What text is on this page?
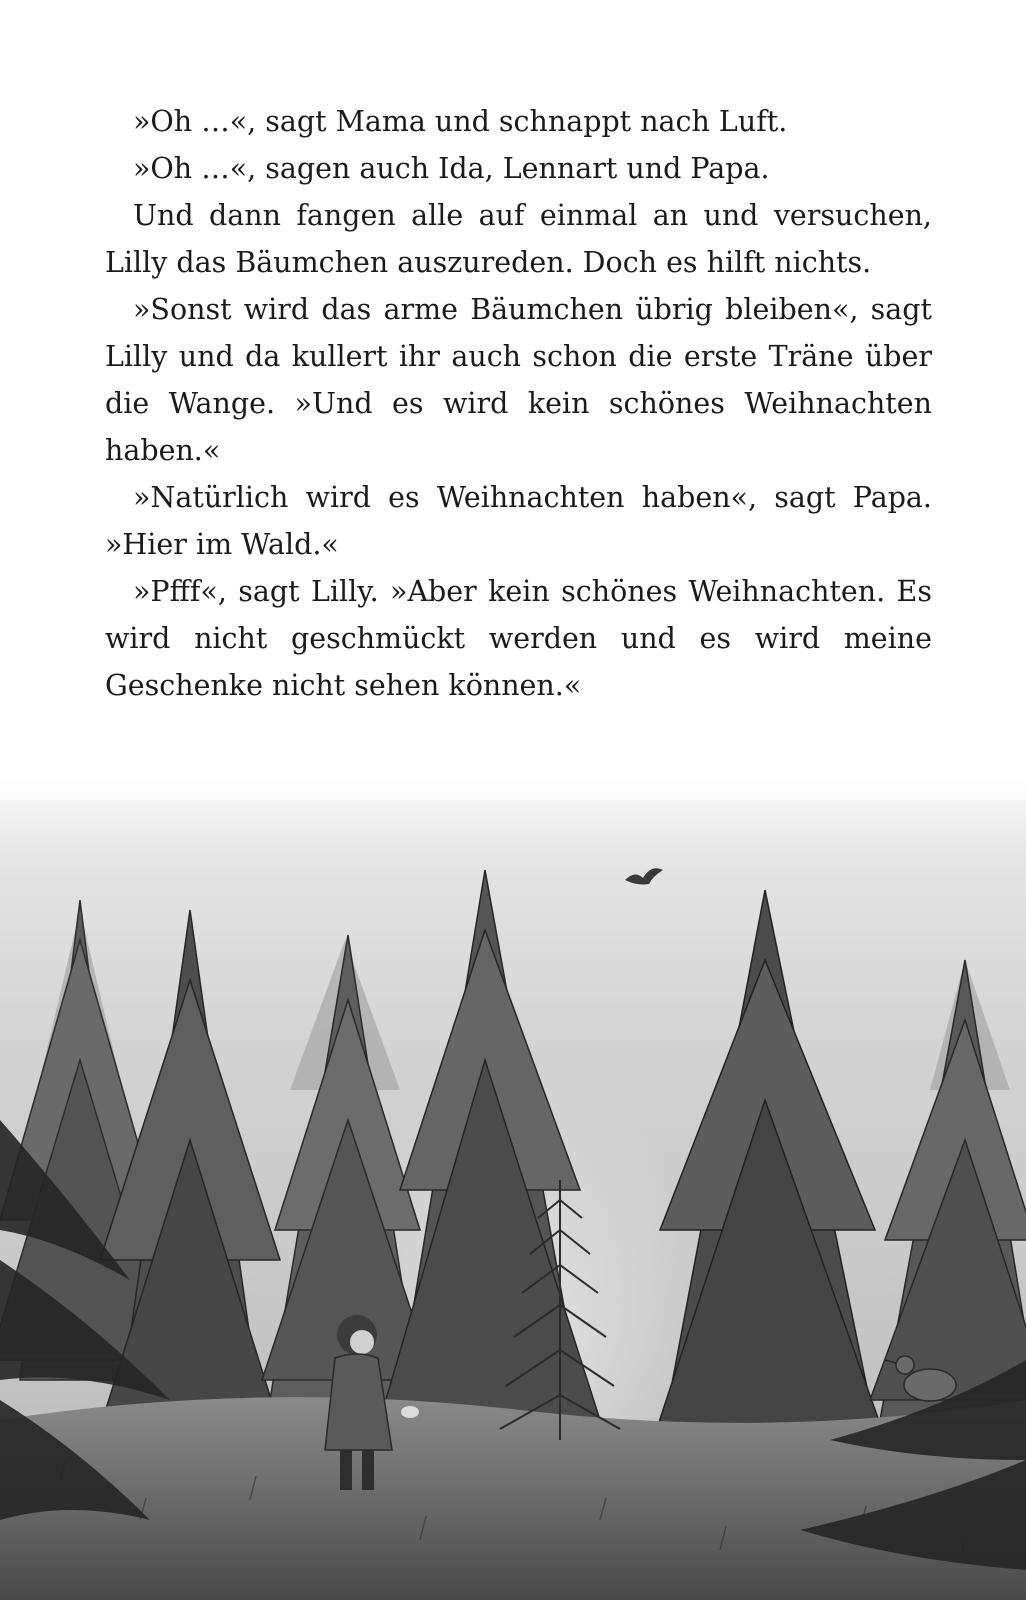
»Oh …«, sagt Mama und schnappt nach Luft.

»Oh …«, sagen auch Ida, Lennart und Papa.

Und dann fangen alle auf einmal an und versuchen, Lilly das Bäumchen auszureden. Doch es hilft nichts.

»Sonst wird das arme Bäumchen übrig bleiben«, sagt Lilly und da kullert ihr auch schon die erste Träne über die Wange. »Und es wird kein schönes Weihnachten haben.«

»Natürlich wird es Weihnachten haben«, sagt Papa. »Hier im Wald.«

»Pfff«, sagt Lilly. »Aber kein schönes Weihnachten. Es wird nicht geschmückt werden und es wird meine Geschenke nicht sehen können.«
